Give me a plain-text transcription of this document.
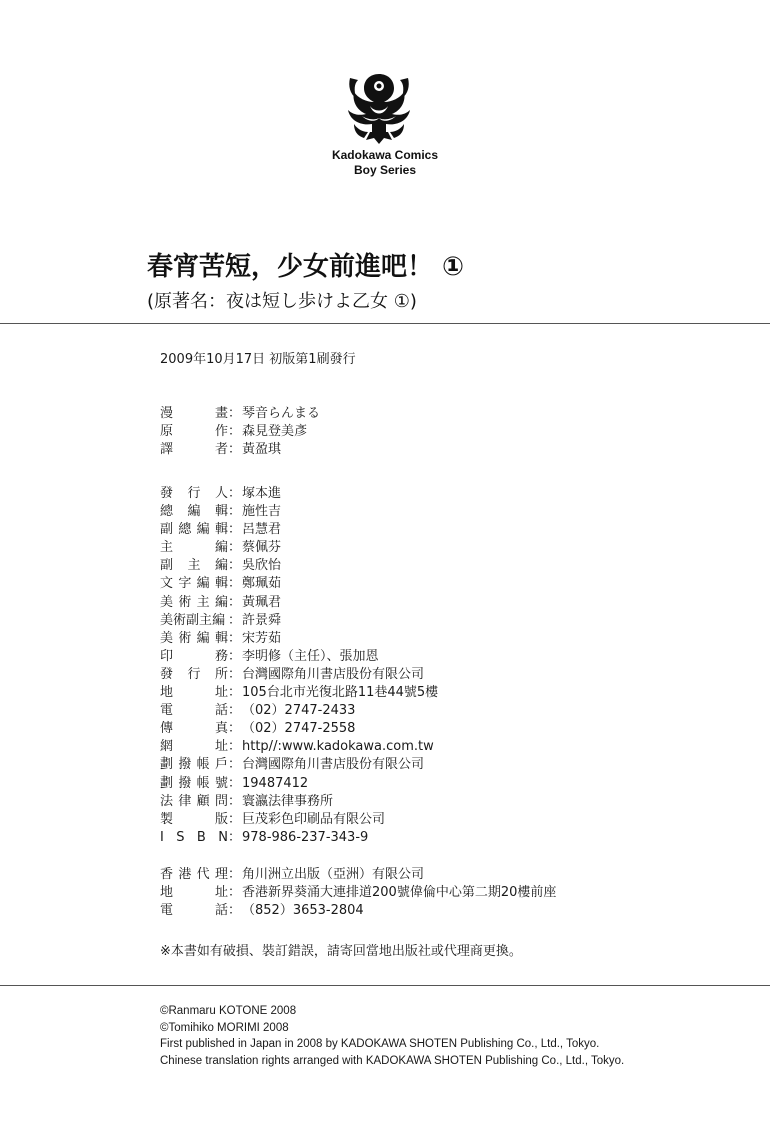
Kadokawa Comics
Boy Series
春宵苦短，少女前進吧！ ①
(原著名：夜は短し歩けよ乙女 ①)
2009年10月17日 初版第1刷發行
漫	畫 ： 琴音らんまる
原	作 ： 森見登美彥
譯	者 ： 黃盈琪
發 行 人 ： 塚本進
總 編 輯 ： 施性吉
副 總 編 輯 ： 呂慧君
主	編 ： 蔡佩芬
副 主 編 ： 吳欣怡
文 字 編 輯 ： 鄭珮茹
美 術 主 編 ： 黃珮君
美 術 副 主 編 ： 許景舜
美 術 編 輯 ： 宋芳茹
印	務 ： 李明修（主任）、張加恩
發 行 所 ： 台灣國際角川書店股份有限公司
地	址 ： 105台北市光復北路11巷44號5樓
電	話 ： （02）2747-2433
傳	真 ： （02）2747-2558
網	址 ： http//:www.kadokawa.com.tw
劃 撥 帳 戶 ： 台灣國際角川書店股份有限公司
劃 撥 帳 號 ： 19487412
法 律 顧 問 ： 寰瀛法律事務所
製	版 ： 巨茂彩色印刷品有限公司
I S B N ： 978-986-237-343-9
香 港 代 理 ： 角川洲立出版（亞洲）有限公司
地	址 ： 香港新界葵涌大連排道200號偉倫中心第二期20樓前座
電	話 ： （852）3653-2804
※本書如有破損、裝訂錯誤，請寄回當地出版社或代理商更換。
©Ranmaru KOTONE 2008
©Tomihiko MORIMI 2008
First published in Japan in 2008 by KADOKAWA SHOTEN Publishing Co., Ltd., Tokyo.
Chinese translation rights arranged with KADOKAWA SHOTEN Publishing Co., Ltd., Tokyo.
